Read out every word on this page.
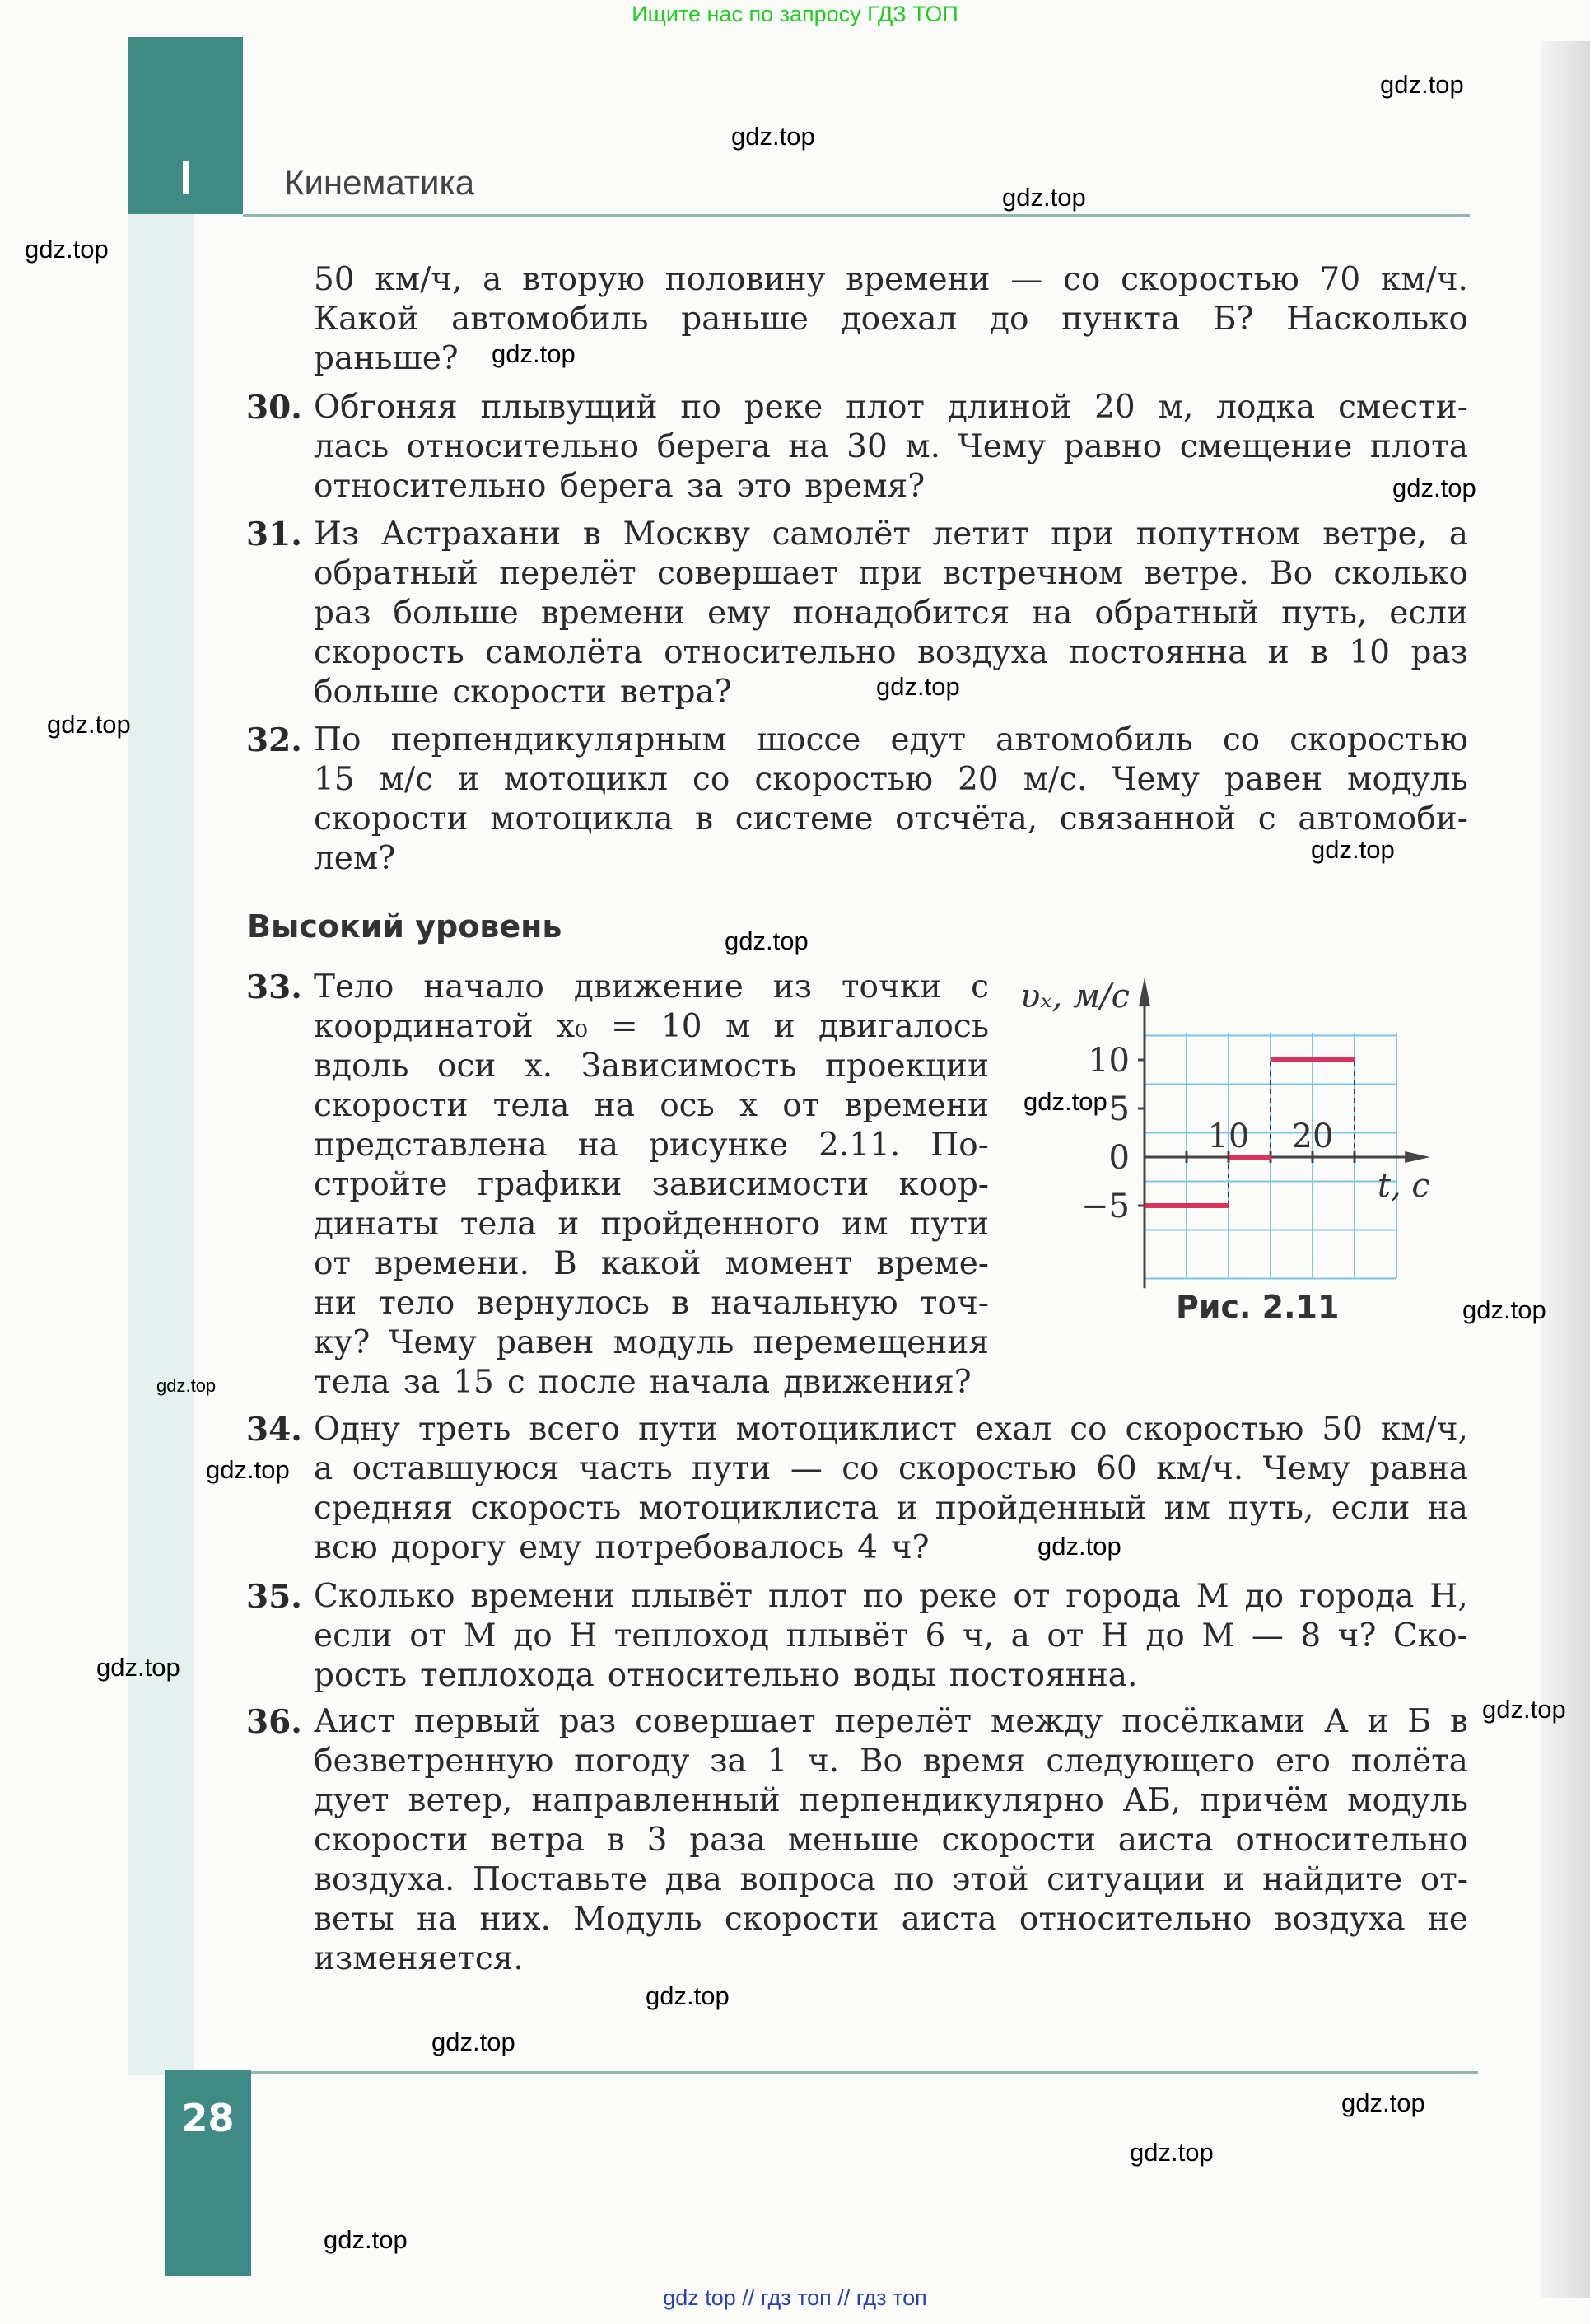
Ищите нас по запросу ГДЗ ТОП
Кинематика
50 км/ч, а вторую половину времени — со скоростью 70 км/ч.
Какой автомобиль раньше доехал до пункта Б? Насколько
раньше?
30. Обгоняя плывущий по реке плот длиной 20 м, лодка смести-
лась относительно берега на 30 м. Чему равно смещение плота
относительно берега за это время?
31. Из Астрахани в Москву самолёт летит при попутном ветре, а
обратный перелёт совершает при встречном ветре. Во сколько
раз больше времени ему понадобится на обратный путь, если
скорость самолёта относительно воздуха постоянна и в 10 раз
больше скорости ветра?
32. По перпендикулярным шоссе едут автомобиль со скоростью
15 м/с и мотоцикл со скоростью 20 м/с. Чему равен модуль
скорости мотоцикла в системе отсчёта, связанной с автомоби-
лем?
33. Тело начало движение из точки с
координатой x₀ = 10 м и двигалось
вдоль оси x. Зависимость проекции
скорости тела на ось x от времени
представлена на рисунке 2.11. По-
стройте графики зависимости коор-
динаты тела и пройденного им пути
от времени. В какой момент време-
ни тело вернулось в начальную точ-
ку? Чему равен модуль перемещения
тела за 15 с после начала движения?
34. Одну треть всего пути мотоциклист ехал со скоростью 50 км/ч,
а оставшуюся часть пути — со скоростью 60 км/ч. Чему равна
средняя скорость мотоциклиста и пройденный им путь, если на
всю дорогу ему потребовалось 4 ч?
35. Сколько времени плывёт плот по реке от города М до города Н,
если от М до Н теплоход плывёт 6 ч, а от Н до М — 8 ч? Ско-
рость теплохода относительно воды постоянна.
36. Аист первый раз совершает перелёт между посёлками А и Б в
безветренную погоду за 1 ч. Во время следующего его полёта
дует ветер, направленный перпендикулярно АБ, причём модуль
скорости ветра в 3 раза меньше скорости аиста относительно
воздуха. Поставьте два вопроса по этой ситуации и найдите от-
веты на них. Модуль скорости аиста относительно воздуха не
изменяется.
Высокий уровень
10
5
0
−5
10 20
υₓ, м/с
t, с
Рис. 2.11
28
gdz.top
gdz.top
gdz.top
gdz.top
gdz.top
gdz.top
gdz.top
gdz.top
gdz.top
gdz.top
gdz.top
gdz.top
gdz.top
gdz.top
gdz.top
gdz.top
gdz.top
gdz.top
gdz.top
gdz.top
gdz.top
gdz.top
gdz top // гдз топ // гдз топ
